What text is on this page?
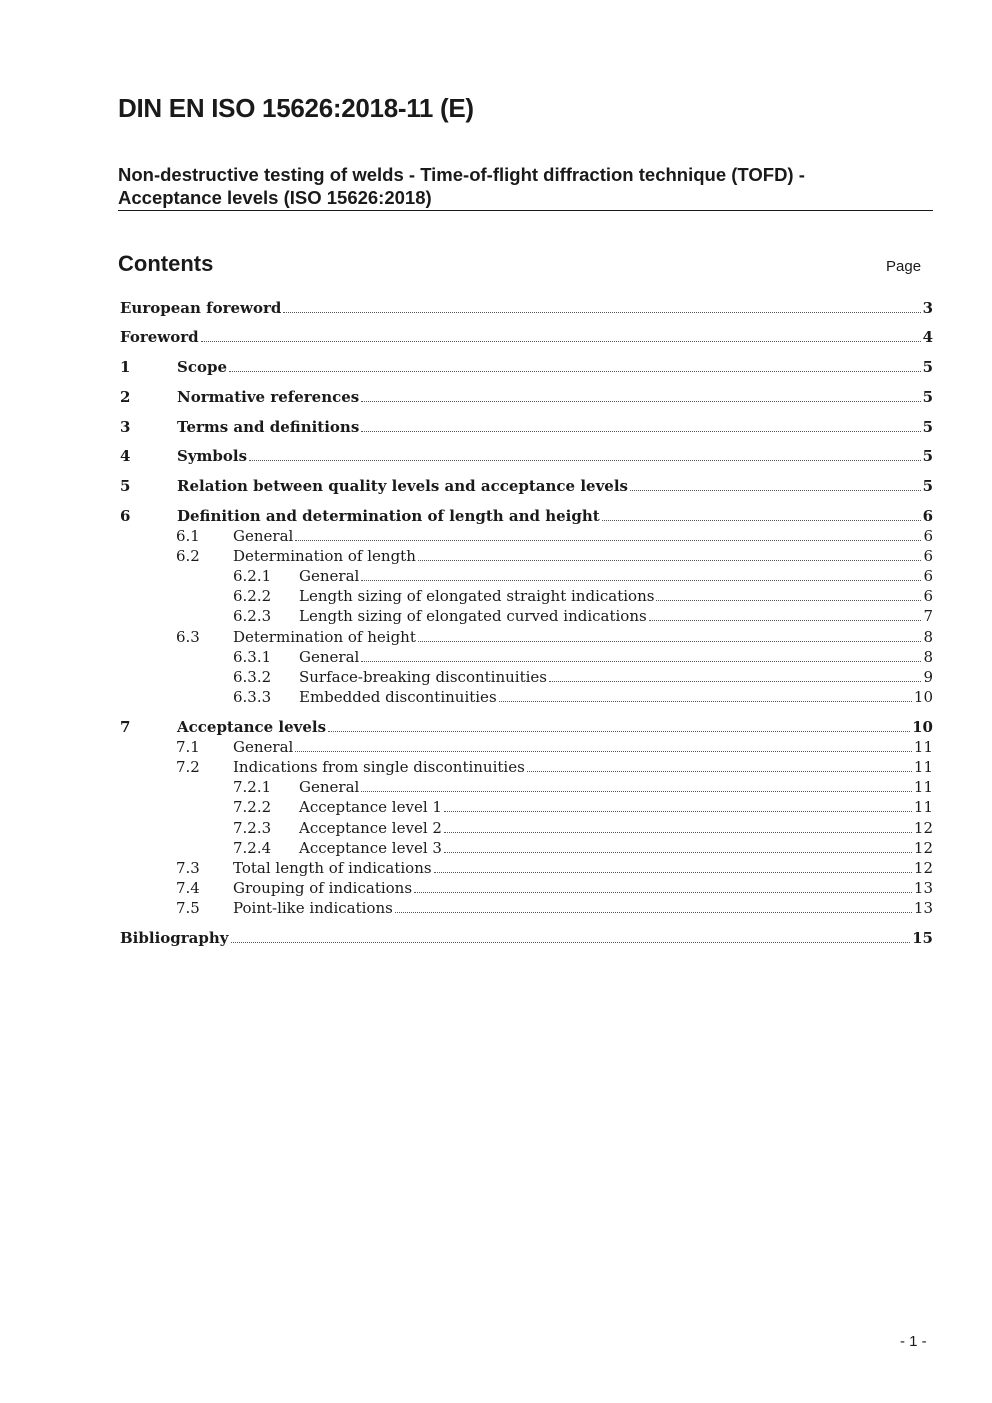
DIN EN ISO 15626:2018-11 (E)
Non-destructive testing of welds - Time-of-flight diffraction technique (TOFD) -
Acceptance levels (ISO 15626:2018)
Contents	Page
European foreword	3
Foreword	4
1	Scope	5
2	Normative references	5
3	Terms and definitions	5
4	Symbols	5
5	Relation between quality levels and acceptance levels	5
6	Definition and determination of length and height	6
6.1	General	6
6.2	Determination of length	6
6.2.1	General	6
6.2.2	Length sizing of elongated straight indications	6
6.2.3	Length sizing of elongated curved indications	7
6.3	Determination of height	8
6.3.1	General	8
6.3.2	Surface-breaking discontinuities	9
6.3.3	Embedded discontinuities	10
7	Acceptance levels	10
7.1	General	11
7.2	Indications from single discontinuities	11
7.2.1	General	11
7.2.2	Acceptance level 1	11
7.2.3	Acceptance level 2	12
7.2.4	Acceptance level 3	12
7.3	Total length of indications	12
7.4	Grouping of indications	13
7.5	Point-like indications	13
Bibliography	15
- 1 -
